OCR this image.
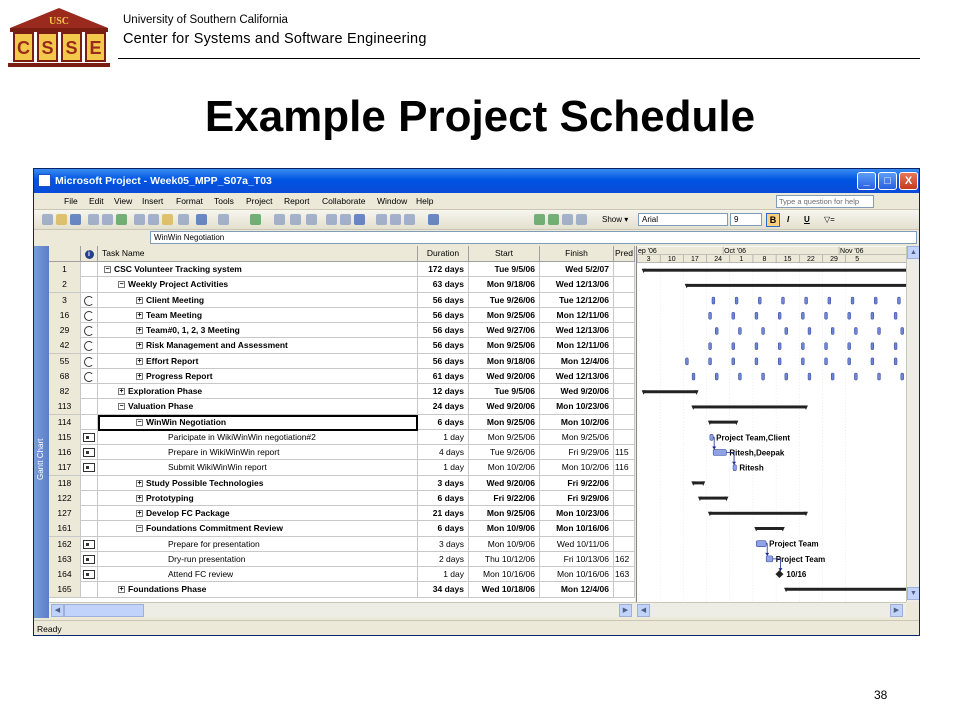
USC
C S S E
University of Southern California
Center for Systems and Software Engineering
Example Project Schedule
Microsoft Project - Week05_MPP_S07a_T03	_	□	X
File Edit View Insert Format Tools Project Report Collaborate Window Help	Type a question for help
Show ▾	Arial	9	B	I U ▽=
WinWin Negotiation
Gantt Chart
i	Task Name	Duration	Start	Finish	Pred
1	− CSC Volunteer Tracking system	172 days	Tue 9/5/06	Wed 5/2/07
2	− Weekly Project Activities	63 days	Mon 9/18/06	Wed 12/13/06
3	+ Client Meeting	56 days	Tue 9/26/06	Tue 12/12/06
16	+ Team Meeting	56 days	Mon 9/25/06	Mon 12/11/06
29	+ Team#0, 1, 2, 3 Meeting	56 days	Wed 9/27/06	Wed 12/13/06
42	+ Risk Management and Assessment	56 days	Mon 9/25/06	Mon 12/11/06
55	+ Effort Report	56 days	Mon 9/18/06	Mon 12/4/06
68	+ Progress Report	61 days	Wed 9/20/06	Wed 12/13/06
82	+ Exploration Phase	12 days	Tue 9/5/06	Wed 9/20/06
113	− Valuation Phase	24 days	Wed 9/20/06	Mon 10/23/06
114	− WinWin Negotiation	6 days	Mon 9/25/06	Mon 10/2/06
115	Paricipate in WikiWinWin negotiation#2	1 day	Mon 9/25/06	Mon 9/25/06
116	Prepare in WikiWinWin report	4 days	Tue 9/26/06	Fri 9/29/06 115
117	Submit WikiWinWin report	1 day	Mon 10/2/06	Mon 10/2/06 116
118	+ Study Possible Technologies	3 days	Wed 9/20/06	Fri 9/22/06
122	+ Prototyping	6 days	Fri 9/22/06	Fri 9/29/06
127	+ Develop FC Package	21 days	Mon 9/25/06	Mon 10/23/06
161	− Foundations Commitment Review	6 days	Mon 10/9/06	Mon 10/16/06
162	Prepare for presentation	3 days	Mon 10/9/06	Wed 10/11/06
163	Dry-run presentation	2 days	Thu 10/12/06	Fri 10/13/06 162
164	Attend FC review	1 day	Mon 10/16/06	Mon 10/16/06 163
165	+ Foundations Phase	34 days	Wed 10/18/06	Mon 12/4/06
ep '06	Oct '06	Nov '06
3 10 17 24 1	8 15 22 29 5
Project Team,Client
Ritesh,Deepak
Ritesh
Project Team
Project Team
10/16
▲
▼
◀	▶	◀	▶
Ready
38
